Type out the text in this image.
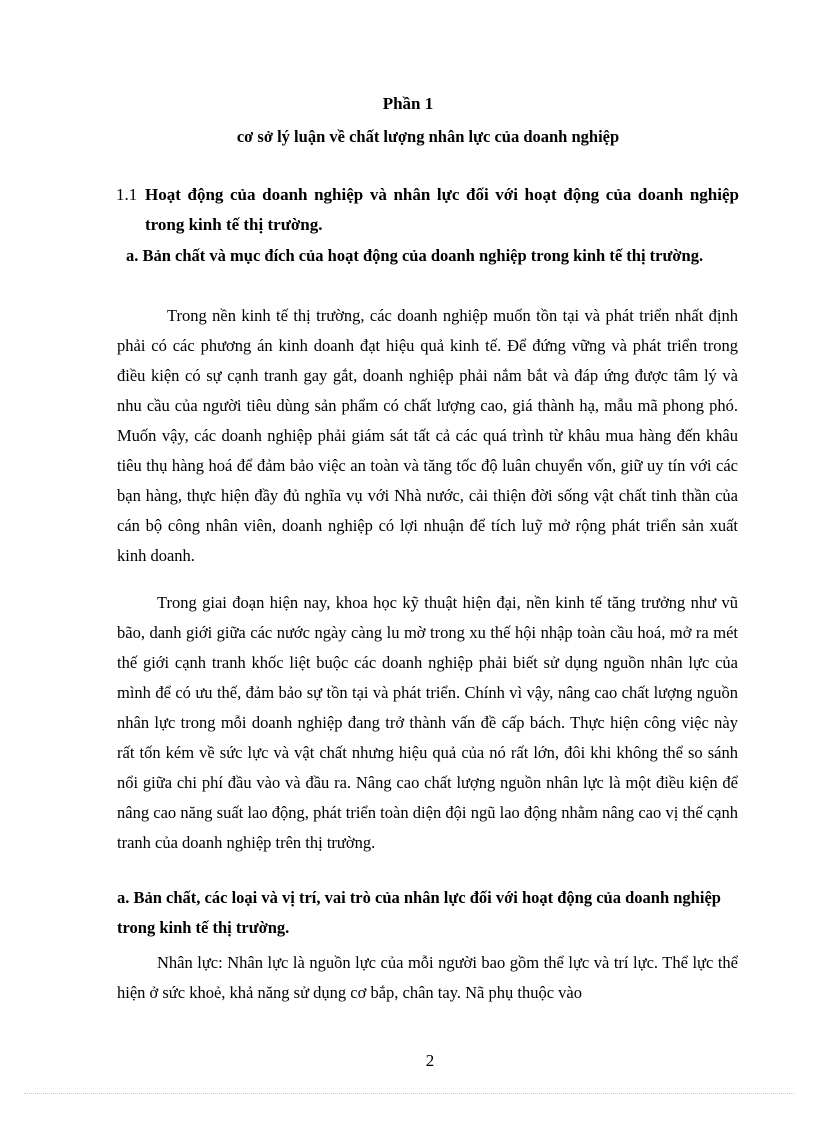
Phần 1
cơ sở lý luận về chất lượng nhân lực của doanh nghiệp
1.1 Hoạt động của doanh nghiệp và nhân lực đối với hoạt động của doanh nghiệp trong kinh tế thị trường.
a. Bản chất và mục đích của hoạt động của doanh nghiệp trong kinh tế thị trường.

Trong nền kinh tế thị trường, các doanh nghiệp muốn tồn tại và phát triển nhất định phải có các phương án kinh doanh đạt hiệu quả kinh tế. Để đứng vững và phát triển trong điều kiện có sự cạnh tranh gay gắt, doanh nghiệp phải nắm bắt và đáp ứng được tâm lý và nhu cầu của người tiêu dùng sản phẩm có chất lượng cao, giá thành hạ, mẫu mã phong phó. Muốn vậy, các doanh nghiệp phải giám sát tất cả các quá trình từ khâu mua hàng đến khâu tiêu thụ hàng hoá để đảm bảo việc an toàn và tăng tốc độ luân chuyển vốn, giữ uy tín với các bạn hàng, thực hiện đầy đủ nghĩa vụ với Nhà nước, cải thiện đời sống vật chất tinh thần của cán bộ công nhân viên, doanh nghiệp có lợi nhuận để tích luỹ mở rộng phát triển sản xuất kinh doanh.

Trong giai đoạn hiện nay, khoa học kỹ thuật hiện đại, nền kinh tế tăng trưởng như vũ bão, danh giới giữa các nước ngày càng lu mờ trong xu thế hội nhập toàn cầu hoá, mở ra mét thế giới cạnh tranh khốc liệt buộc các doanh nghiệp phải biết sử dụng nguồn nhân lực của mình để có ưu thế, đảm bảo sự tồn tại và phát triển. Chính vì vậy, nâng cao chất lượng nguồn nhân lực trong mỗi doanh nghiệp đang trở thành vấn đề cấp bách. Thực hiện công việc này rất tốn kém về sức lực và vật chất nhưng hiệu quả của nó rất lớn, đôi khi không thể so sánh nổi giữa chi phí đầu vào và đầu ra. Nâng cao chất lượng nguồn nhân lực là một điều kiện để nâng cao năng suất lao động, phát triển toàn diện đội ngũ lao động nhằm nâng cao vị thế cạnh tranh của doanh nghiệp trên thị trường.

a. Bản chất, các loại và vị trí, vai trò của nhân lực đối với hoạt động của doanh nghiệp trong kinh tế thị trường.

Nhân lực: Nhân lực là nguồn lực của mỗi người bao gồm thể lực và trí lực. Thể lực thể hiện ở sức khoẻ, khả năng sử dụng cơ bắp, chân tay. Nã phụ thuộc vào

2
